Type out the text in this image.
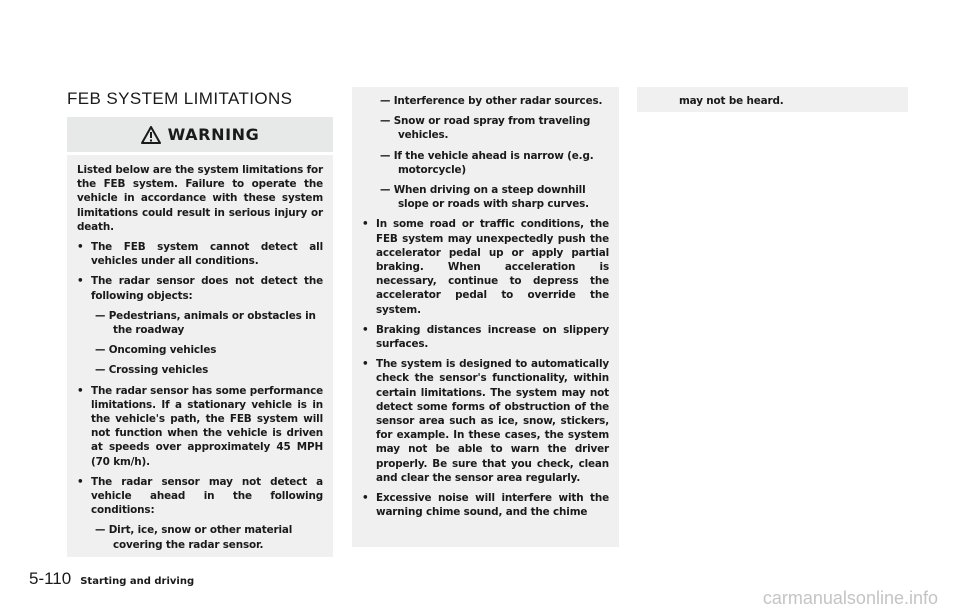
FEB SYSTEM LIMITATIONS
WARNING

Listed below are the system limitations for the FEB system. Failure to operate the vehicle in accordance with these system limitations could result in serious injury or death.

• The FEB system cannot detect all vehicles under all conditions.
• The radar sensor does not detect the following objects:

— Pedestrians, animals or obstacles in the roadway

— Oncoming vehicles

— Crossing vehicles

• The radar sensor has some performance limitations. If a stationary vehicle is in the vehicle's path, the FEB system will not function when the vehicle is driven at speeds over approximately 45 MPH (70 km/h).
• The radar sensor may not detect a vehicle ahead in the following conditions:

— Dirt, ice, snow or other material covering the radar sensor.

— Interference by other radar sources.

— Snow or road spray from traveling vehicles.

— If the vehicle ahead is narrow (e.g. motorcycle)

— When driving on a steep downhill slope or roads with sharp curves.

• In some road or traffic conditions, the FEB system may unexpectedly push the accelerator pedal up or apply partial braking. When acceleration is necessary, continue to depress the accelerator pedal to override the system.
• Braking distances increase on slippery surfaces.
• The system is designed to automatically check the sensor's functionality, within certain limitations. The system may not detect some forms of obstruction of the sensor area such as ice, snow, stickers, for example. In these cases, the system may not be able to warn the driver properly. Be sure that you check, clean and clear the sensor area regularly.
• Excessive noise will interfere with the warning chime sound, and the chime

may not be heard.

5-110 Starting and driving
carmanualsonline.info
